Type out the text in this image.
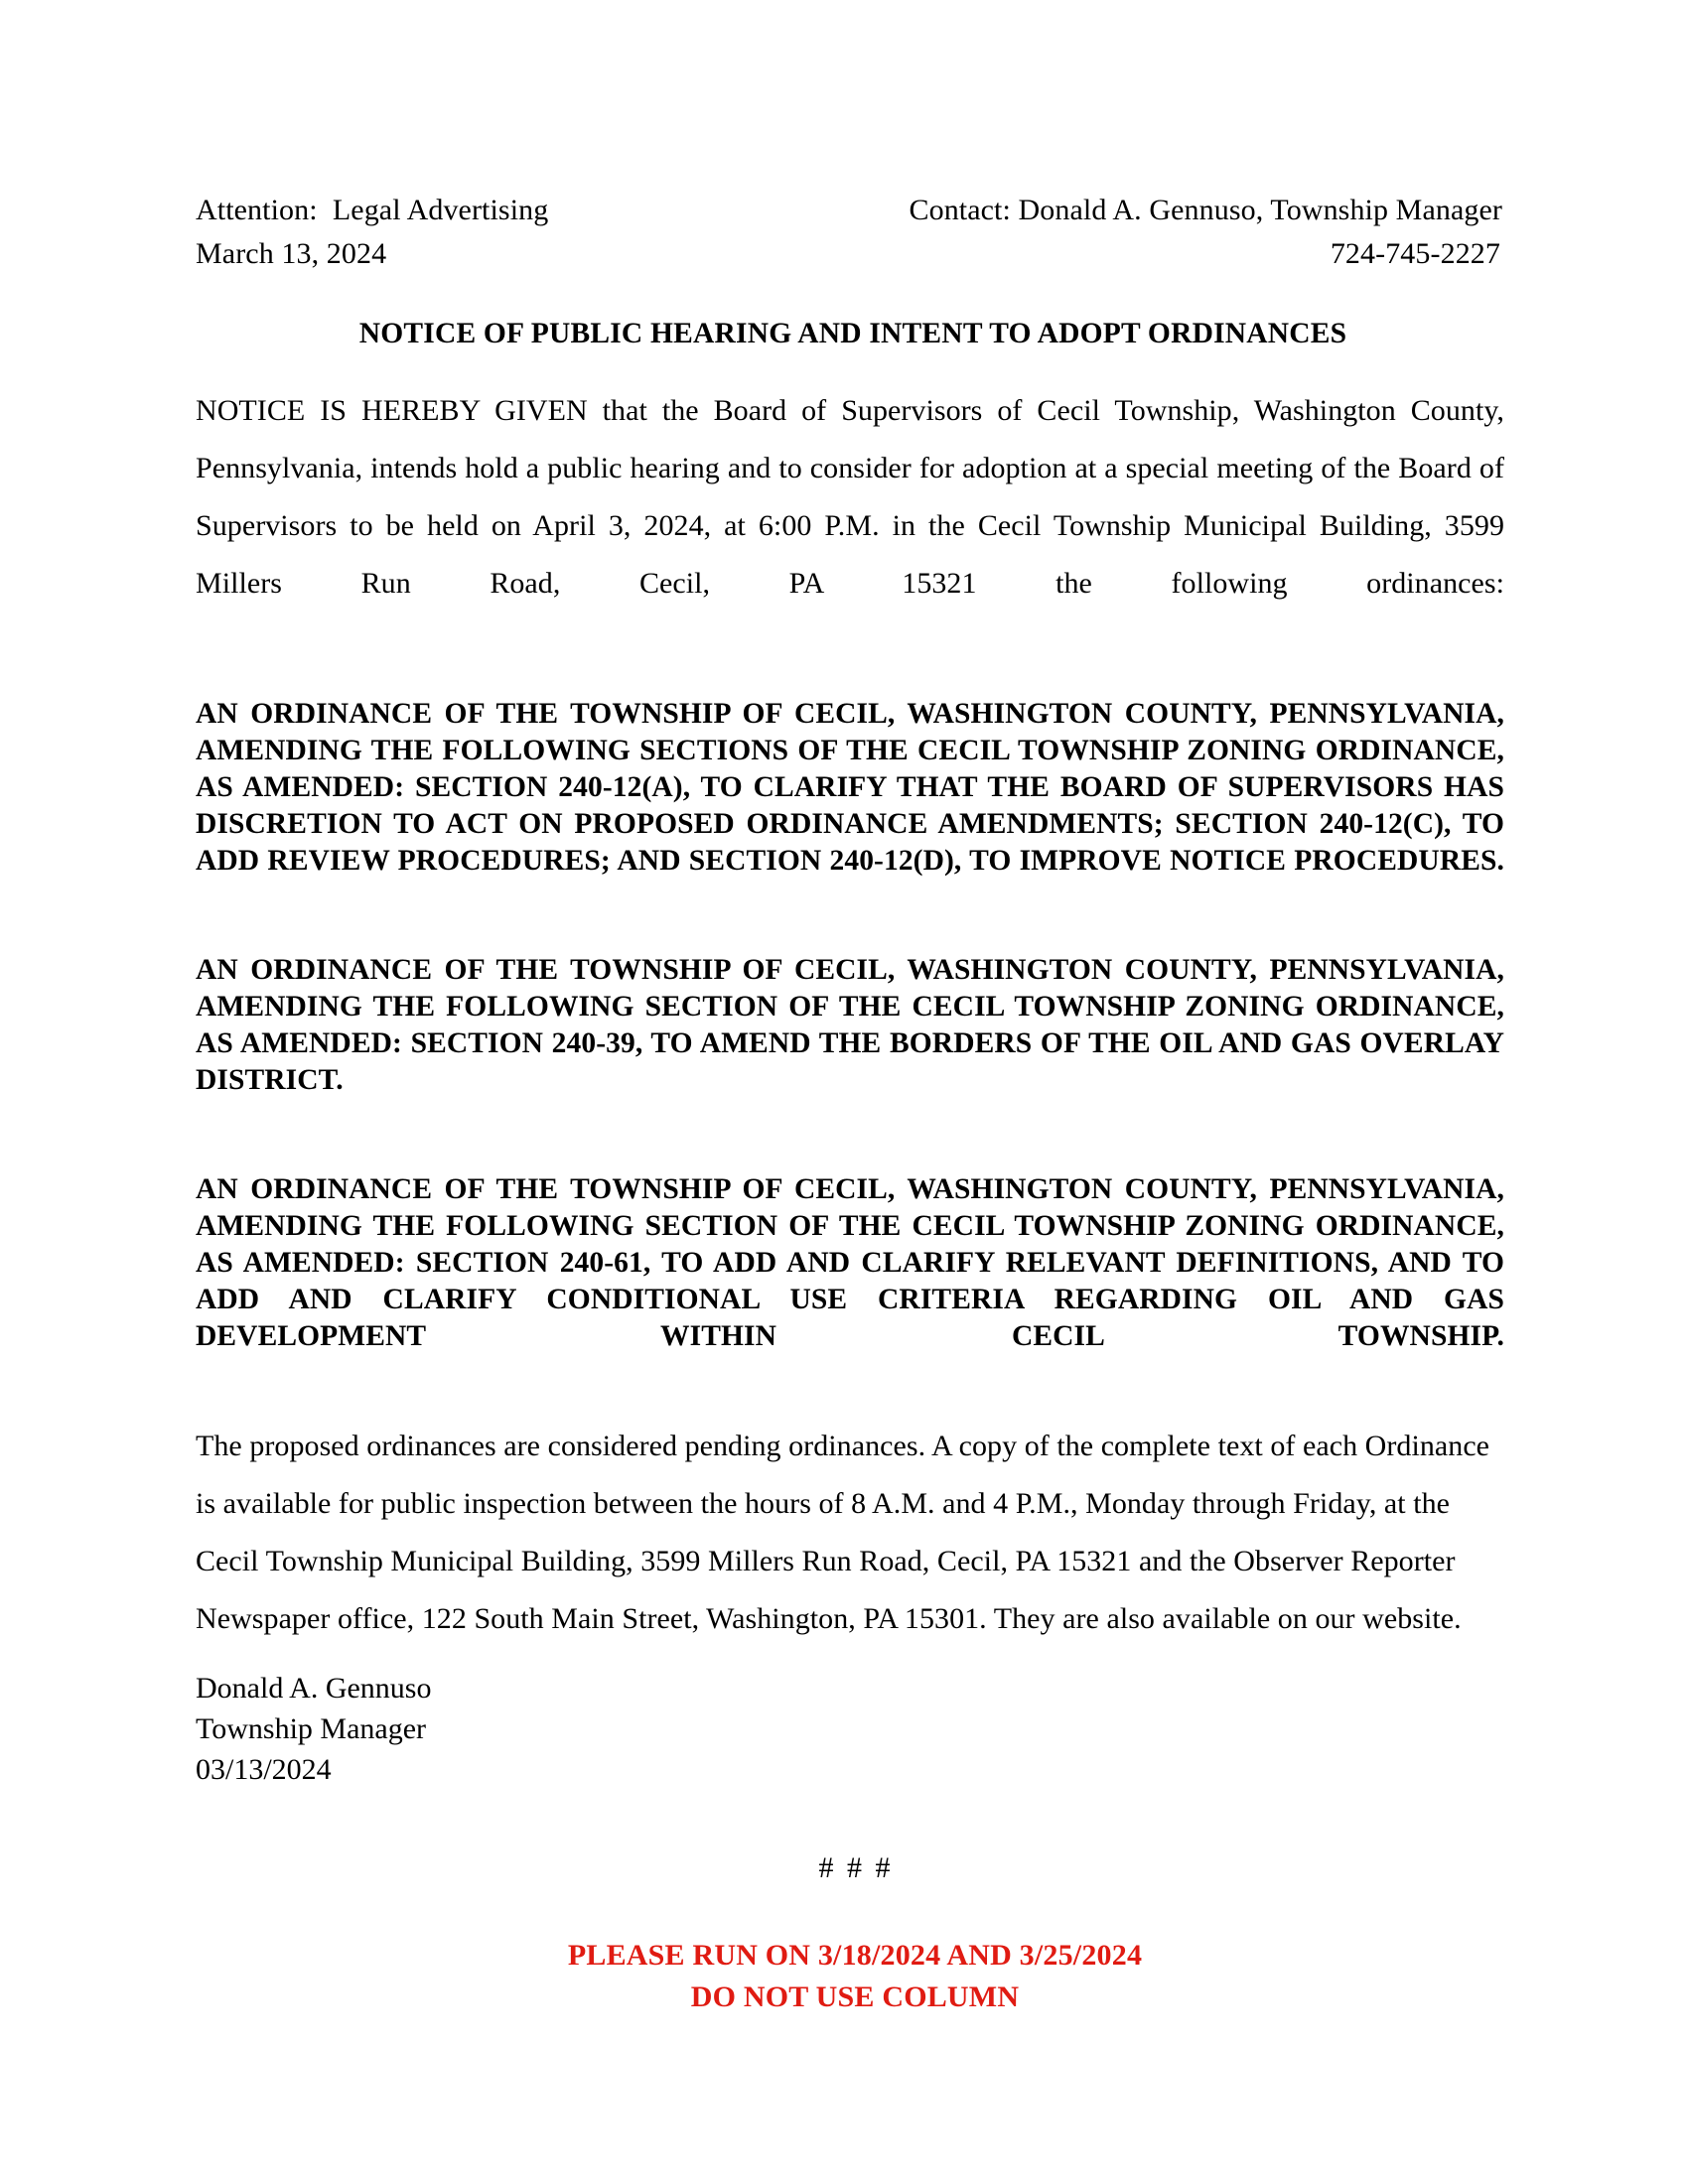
Attention:  Legal Advertising	Contact: Donald A. Gennuso, Township Manager
March 13, 2024	724-745-2227
NOTICE OF PUBLIC HEARING AND INTENT TO ADOPT ORDINANCES

NOTICE IS HEREBY GIVEN that the Board of Supervisors of Cecil Township, Washington County, Pennsylvania, intends hold a public hearing and to consider for adoption at a special meeting of the Board of Supervisors to be held on April 3, 2024, at 6:00 P.M. in the Cecil Township Municipal Building, 3599 Millers Run Road, Cecil, PA 15321 the following ordinances:

AN ORDINANCE OF THE TOWNSHIP OF CECIL, WASHINGTON COUNTY, PENNSYLVANIA, AMENDING THE FOLLOWING SECTIONS OF THE CECIL TOWNSHIP ZONING ORDINANCE, AS AMENDED: SECTION 240-12(A), TO CLARIFY THAT THE BOARD OF SUPERVISORS HAS DISCRETION TO ACT ON PROPOSED ORDINANCE AMENDMENTS; SECTION 240-12(C), TO ADD REVIEW PROCEDURES; AND SECTION 240-12(D), TO IMPROVE NOTICE PROCEDURES.

AN ORDINANCE OF THE TOWNSHIP OF CECIL, WASHINGTON COUNTY, PENNSYLVANIA, AMENDING THE FOLLOWING SECTION OF THE CECIL TOWNSHIP ZONING ORDINANCE, AS AMENDED: SECTION 240-39, TO AMEND THE BORDERS OF THE OIL AND GAS OVERLAY DISTRICT.

AN ORDINANCE OF THE TOWNSHIP OF CECIL, WASHINGTON COUNTY, PENNSYLVANIA, AMENDING THE FOLLOWING SECTION OF THE CECIL TOWNSHIP ZONING ORDINANCE, AS AMENDED: SECTION 240-61, TO ADD AND CLARIFY RELEVANT DEFINITIONS, AND TO ADD AND CLARIFY CONDITIONAL USE CRITERIA REGARDING OIL AND GAS DEVELOPMENT WITHIN CECIL TOWNSHIP.

The proposed ordinances are considered pending ordinances. A copy of the complete text of each Ordinance is available for public inspection between the hours of 8 A.M. and 4 P.M., Monday through Friday, at the Cecil Township Municipal Building, 3599 Millers Run Road, Cecil, PA 15321 and the Observer Reporter Newspaper office, 122 South Main Street, Washington, PA 15301. They are also available on our website.

Donald A. Gennuso
Township Manager
03/13/2024
# # #
PLEASE RUN ON 3/18/2024 AND 3/25/2024
DO NOT USE COLUMN
